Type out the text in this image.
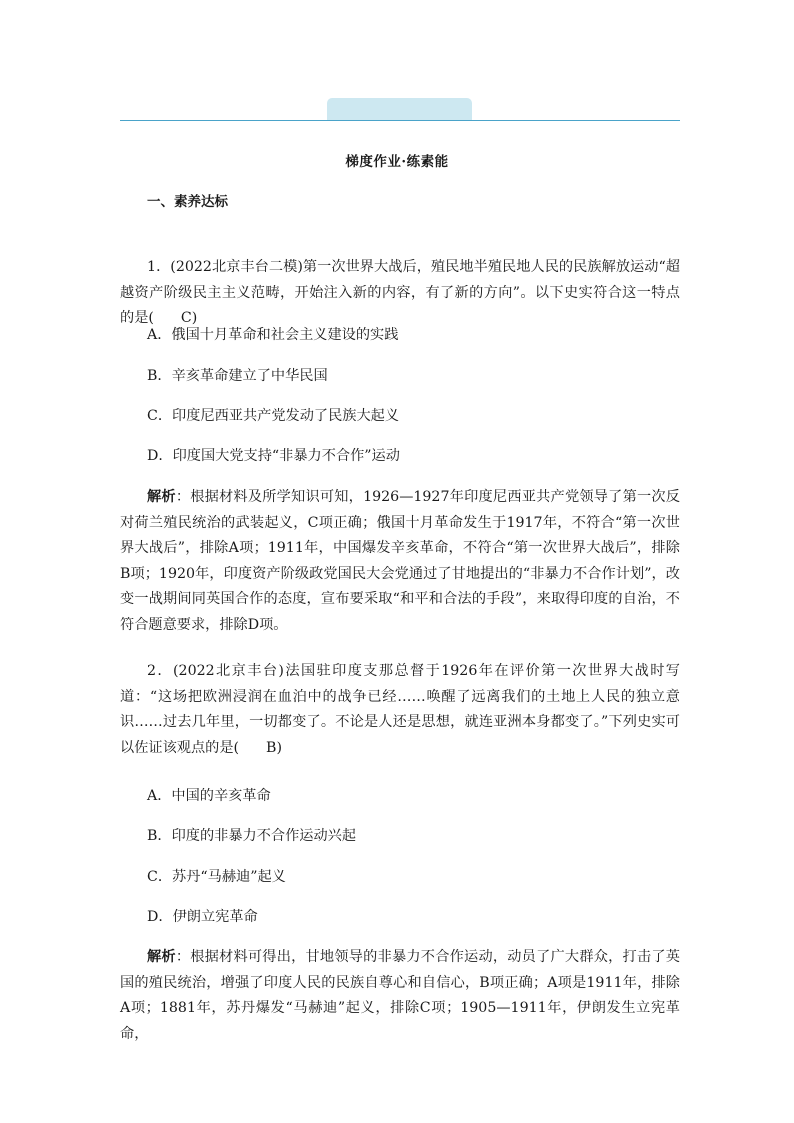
梯度作业·练素能
一、素养达标

1．(2022北京丰台二模)第一次世界大战后，殖民地半殖民地人民的民族解放运动“超越资产阶级民主主义范畴，开始注入新的内容，有了新的方向”。以下史实符合这一特点的是( C)

A．俄国十月革命和社会主义建设的实践
B．辛亥革命建立了中华民国
C．印度尼西亚共产党发动了民族大起义
D．印度国大党支持“非暴力不合作”运动

解析：根据材料及所学知识可知，1926—1927年印度尼西亚共产党领导了第一次反对荷兰殖民统治的武装起义，C项正确；俄国十月革命发生于1917年，不符合“第一次世界大战后”，排除A项；1911年，中国爆发辛亥革命，不符合“第一次世界大战后”，排除B项；1920年，印度资产阶级政党国民大会党通过了甘地提出的“非暴力不合作计划”，改变一战期间同英国合作的态度，宣布要采取“和平和合法的手段”，来取得印度的自治，不符合题意要求，排除D项。

2．(2022北京丰台)法国驻印度支那总督于1926年在评价第一次世界大战时写道：“这场把欧洲浸润在血泊中的战争已经……唤醒了远离我们的土地上人民的独立意识……过去几年里，一切都变了。不论是人还是思想，就连亚洲本身都变了。”下列史实可以佐证该观点的是( B)

A．中国的辛亥革命
B．印度的非暴力不合作运动兴起
C．苏丹“马赫迪”起义
D．伊朗立宪革命

解析：根据材料可得出，甘地领导的非暴力不合作运动，动员了广大群众，打击了英国的殖民统治，增强了印度人民的民族自尊心和自信心，B项正确；A项是1911年，排除A项；1881年，苏丹爆发“马赫迪”起义，排除C项；1905—1911年，伊朗发生立宪革命，
